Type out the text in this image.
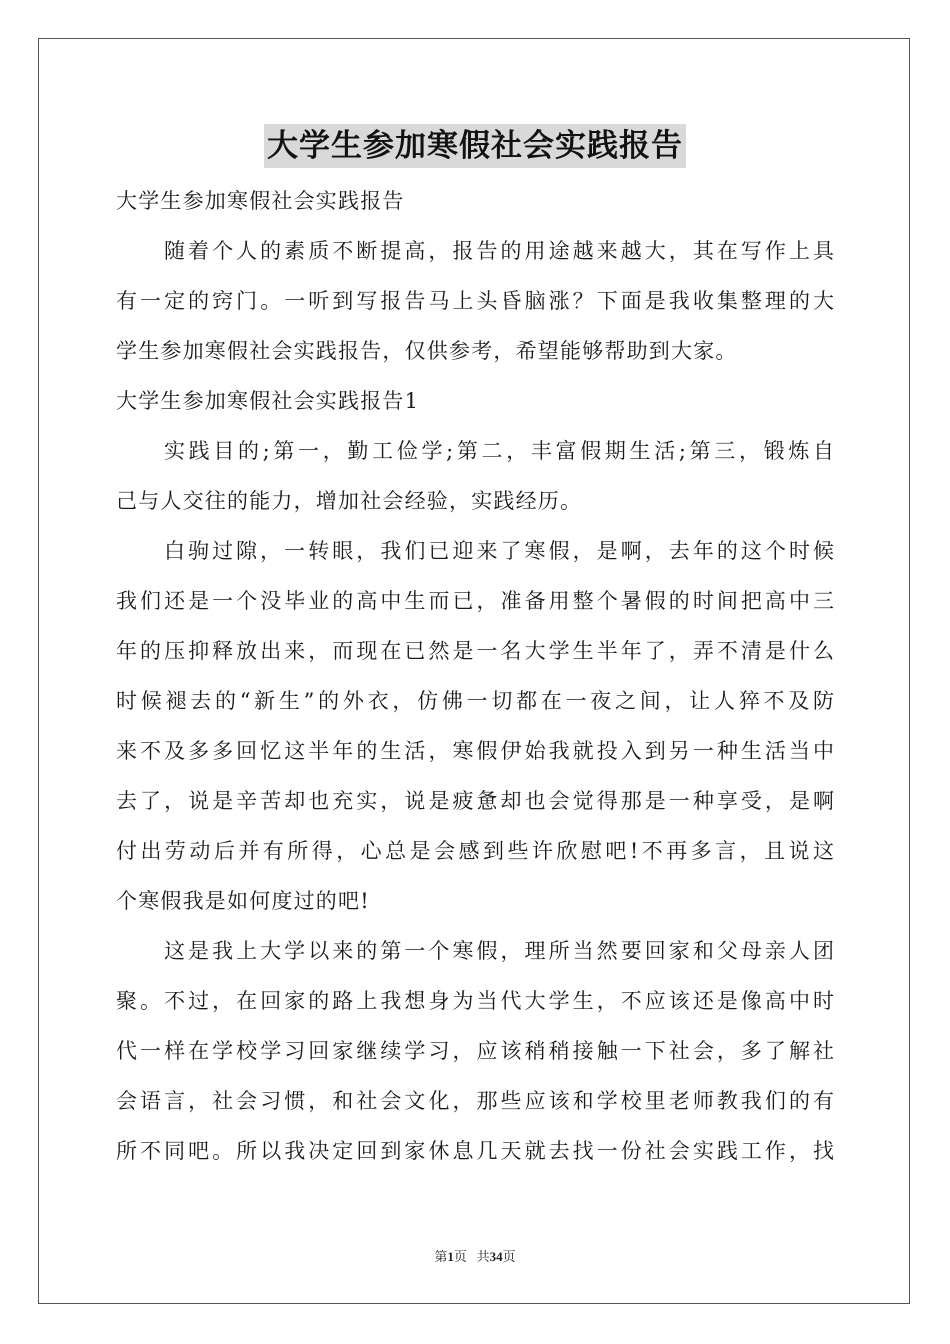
大学生参加寒假社会实践报告
大学生参加寒假社会实践报告
随着个人的素质不断提高，报告的用途越来越大，其在写作上具
有一定的窍门。一听到写报告马上头昏脑涨？下面是我收集整理的大
学生参加寒假社会实践报告，仅供参考，希望能够帮助到大家。
大学生参加寒假社会实践报告1
实践目的;第一，勤工俭学;第二，丰富假期生活;第三，锻炼自
己与人交往的能力，增加社会经验，实践经历。
白驹过隙，一转眼，我们已迎来了寒假，是啊，去年的这个时候
我们还是一个没毕业的高中生而已，准备用整个暑假的时间把高中三
年的压抑释放出来，而现在已然是一名大学生半年了，弄不清是什么
时候褪去的“新生”的外衣，仿佛一切都在一夜之间，让人猝不及防
来不及多多回忆这半年的生活，寒假伊始我就投入到另一种生活当中
去了，说是辛苦却也充实，说是疲惫却也会觉得那是一种享受，是啊
付出劳动后并有所得，心总是会感到些许欣慰吧!不再多言，且说这
个寒假我是如何度过的吧!
这是我上大学以来的第一个寒假，理所当然要回家和父母亲人团
聚。不过，在回家的路上我想身为当代大学生，不应该还是像高中时
代一样在学校学习回家继续学习，应该稍稍接触一下社会，多了解社
会语言，社会习惯，和社会文化，那些应该和学校里老师教我们的有
所不同吧。所以我决定回到家休息几天就去找一份社会实践工作，找
第1页 共34页
